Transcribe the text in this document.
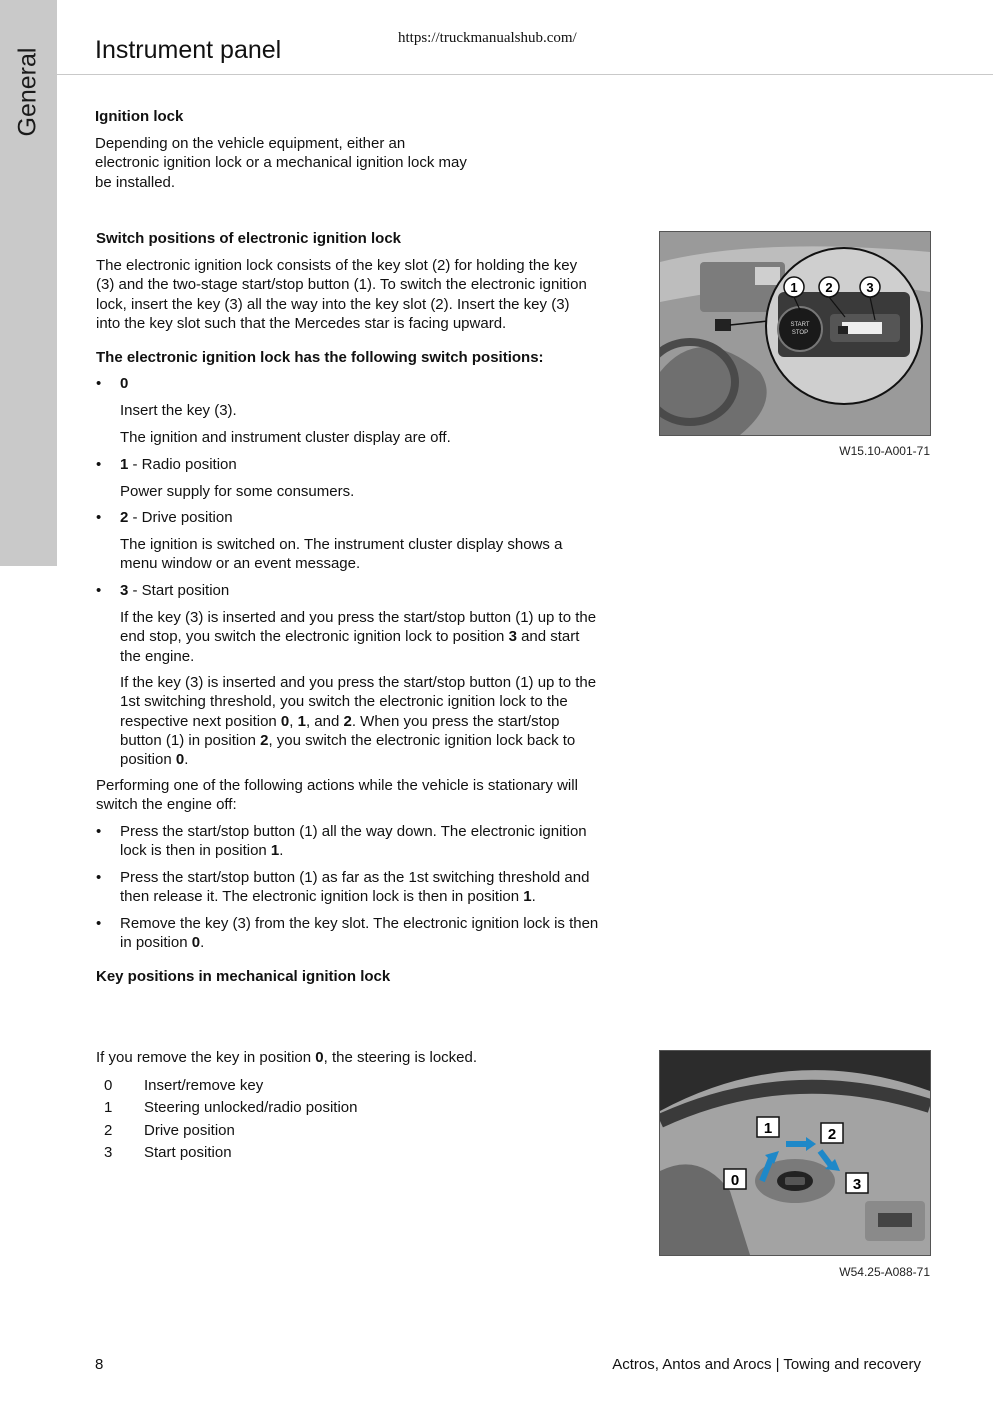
General Instrument panel	https://truckmanualshub.com/
Ignition lock
Depending on the vehicle equipment, either an
electronic ignition lock or a mechanical ignition lock may
be installed.
Switch positions of electronic ignition lock
The electronic ignition lock consists of the key slot (2) for holding the key
(3) and the two-stage start/stop button (1). To switch the electronic ignition
lock, insert the key (3) all the way into the key slot (2). Insert the key (3)
into the key slot such that the Mercedes star is facing upward.
The electronic ignition lock has the following switch positions:
• 0
Insert the key (3).
The ignition and instrument cluster display are off.
• 1 - Radio position
Power supply for some consumers.
• 2 - Drive position
The ignition is switched on. The instrument cluster display shows a
menu window or an event message.
• 3 - Start position
If the key (3) is inserted and you press the start/stop button (1) up to the
end stop, you switch the electronic ignition lock to position 3 and start
the engine.
If the key (3) is inserted and you press the start/stop button (1) up to the
1st switching threshold, you switch the electronic ignition lock to the
respective next position 0, 1, and 2. When you press the start/stop
button (1) in position 2, you switch the electronic ignition lock back to
position 0.
Performing one of the following actions while the vehicle is stationary will
switch the engine off:
• Press the start/stop button (1) all the way down. The electronic ignition
lock is then in position 1.
• Press the start/stop button (1) as far as the 1st switching threshold and
then release it. The electronic ignition lock is then in position 1.
• Remove the key (3) from the key slot. The electronic ignition lock is then
in position 0.
Key positions in mechanical ignition lock
If you remove the key in position 0, the steering is locked.
0 Insert/remove key
1 Steering unlocked/radio position
2 Drive position
3 Start position
START
STOP
1 2	3
W15.10-A001-71
0
1	2
3
W54.25-A088-71
8	Actros, Antos and Arocs | Towing and recovery
